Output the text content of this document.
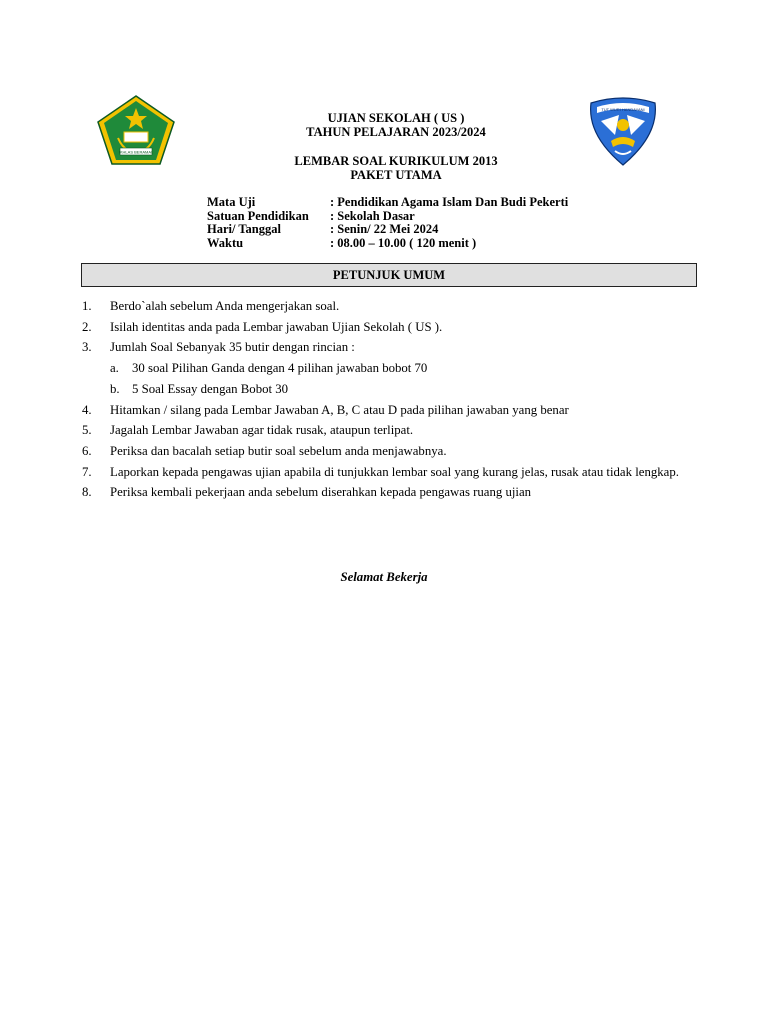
IKHLAS BERAMAL
UJIAN SEKOLAH ( US )
TAHUN PELAJARAN 2023/2024
LEMBAR SOAL KURIKULUM 2013
PAKET UTAMA
TUT WURI HANDAYANI
Mata Uji	: Pendidikan Agama Islam Dan Budi Pekerti
Satuan Pendidikan	: Sekolah Dasar
Hari/ Tanggal	: Senin/ 22 Mei 2024
Waktu	: 08.00 – 10.00 ( 120 menit )
PETUNJUK UMUM
1.	Berdo`alah sebelum Anda mengerjakan soal.
2.	Isilah identitas anda pada Lembar jawaban Ujian Sekolah ( US ).
3.	Jumlah Soal Sebanyak 35 butir dengan rincian :
a.	30 soal Pilihan Ganda dengan 4 pilihan jawaban bobot 70
b. 5 Soal Essay dengan Bobot 30
4.	Hitamkan / silang pada Lembar Jawaban A, B, C atau D pada pilihan jawaban yang benar
5.	Jagalah Lembar Jawaban agar tidak rusak, ataupun terlipat.
6.	Periksa dan bacalah setiap butir soal sebelum anda menjawabnya.
7.	Laporkan kepada pengawas ujian apabila di tunjukkan lembar soal yang kurang jelas, rusak atau tidak lengkap.
8.	Periksa kembali pekerjaan anda sebelum diserahkan kepada pengawas ruang ujian
Selamat Bekerja
